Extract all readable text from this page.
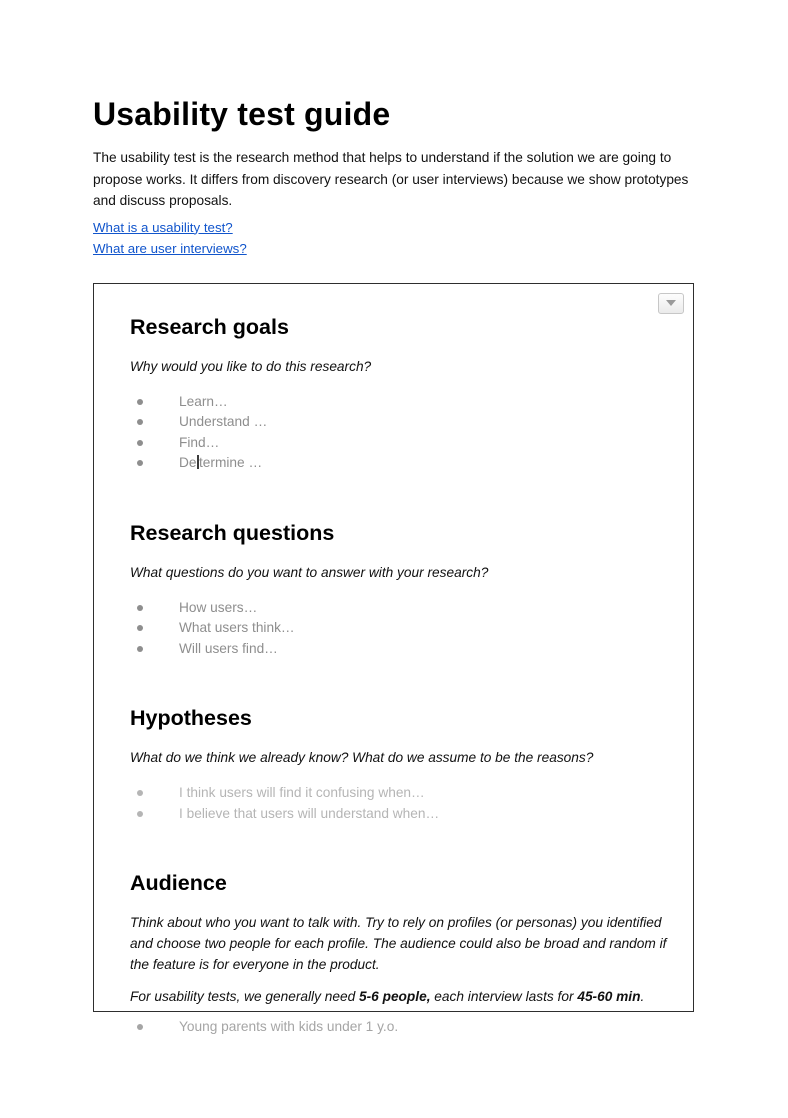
Usability test guide

The usability test is the research method that helps to understand if the solution we are going to propose works. It differs from discovery research (or user interviews) because we show prototypes and discuss proposals.

What is a usability test?
What are user interviews?
Research goals

Why would you like to do this research?

Learn…
Understand …
Find…
De termine …
Research questions

What questions do you want to answer with your research?

How users…
What users think…
Will users find…
Hypotheses

What do we think we already know? What do we assume to be the reasons?

I think users will find it confusing when…
I believe that users will understand when…
Audience

Think about who you want to talk with. Try to rely on profiles (or personas) you identified and choose two people for each profile. The audience could also be broad and random if the feature is for everyone in the product.

For usability tests, we generally need 5-6 people, each interview lasts for 45-60 min.

Young parents with kids under 1 y.o.
